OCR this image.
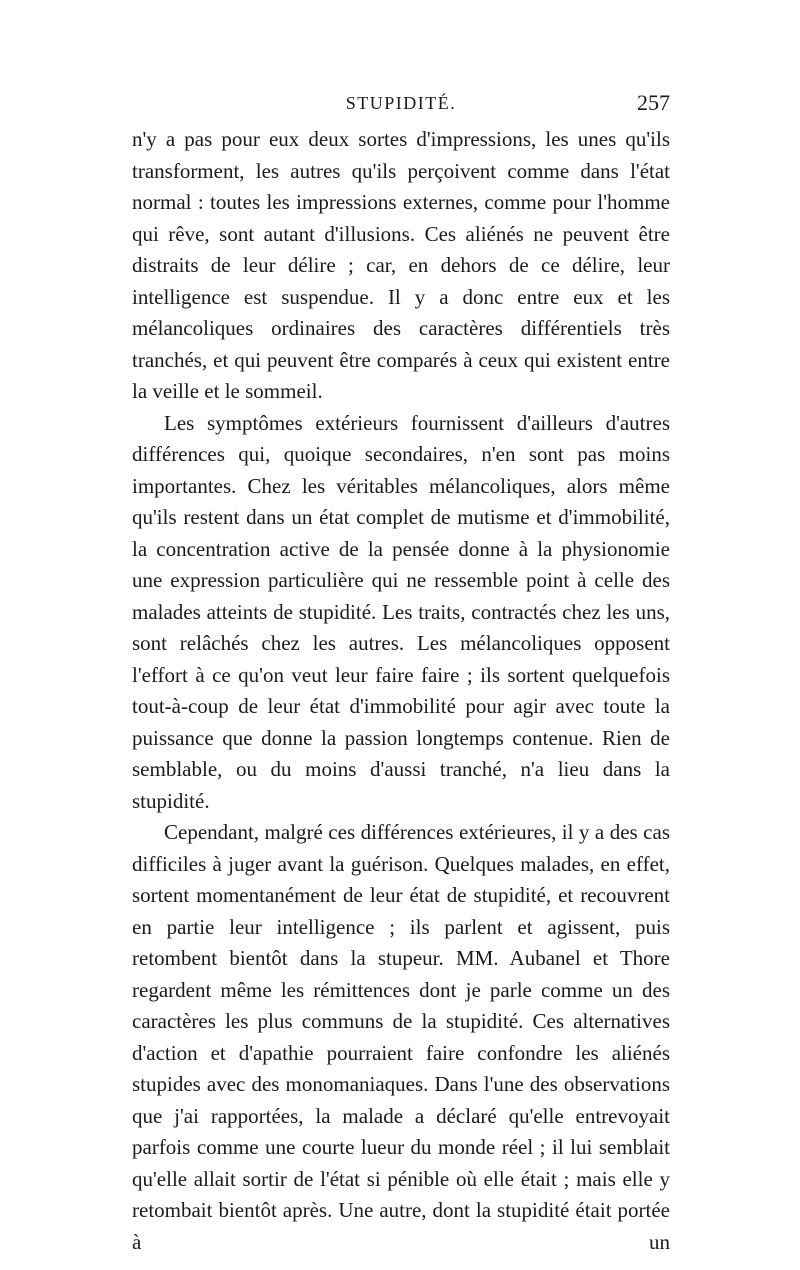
STUPIDITÉ.	257

n'y a pas pour eux deux sortes d'impressions, les unes qu'ils transforment, les autres qu'ils perçoivent comme dans l'état normal : toutes les impressions externes, comme pour l'homme qui rêve, sont autant d'illusions. Ces aliénés ne peuvent être distraits de leur délire ; car, en dehors de ce délire, leur intelligence est suspendue. Il y a donc entre eux et les mélancoliques ordinaires des caractères différentiels très tranchés, et qui peuvent être comparés à ceux qui existent entre la veille et le sommeil.

Les symptômes extérieurs fournissent d'ailleurs d'autres différences qui, quoique secondaires, n'en sont pas moins importantes. Chez les véritables mélancoliques, alors même qu'ils restent dans un état complet de mutisme et d'immobilité, la concentration active de la pensée donne à la physionomie une expression particulière qui ne ressemble point à celle des malades atteints de stupidité. Les traits, contractés chez les uns, sont relâchés chez les autres. Les mélancoliques opposent l'effort à ce qu'on veut leur faire faire ; ils sortent quelquefois tout-à-coup de leur état d'immobilité pour agir avec toute la puissance que donne la passion longtemps contenue. Rien de semblable, ou du moins d'aussi tranché, n'a lieu dans la stupidité.

Cependant, malgré ces différences extérieures, il y a des cas difficiles à juger avant la guérison. Quelques malades, en effet, sortent momentanément de leur état de stupidité, et recouvrent en partie leur intelligence ; ils parlent et agissent, puis retombent bientôt dans la stupeur. MM. Aubanel et Thore regardent même les rémittences dont je parle comme un des caractères les plus communs de la stupidité. Ces alternatives d'action et d'apathie pourraient faire confondre les aliénés stupides avec des monomaniaques. Dans l'une des observations que j'ai rapportées, la malade a déclaré qu'elle entrevoyait parfois comme une courte lueur du monde réel ; il lui semblait qu'elle allait sortir de l'état si pénible où elle était ; mais elle y retombait bientôt après. Une autre, dont la stupidité était portée à un
